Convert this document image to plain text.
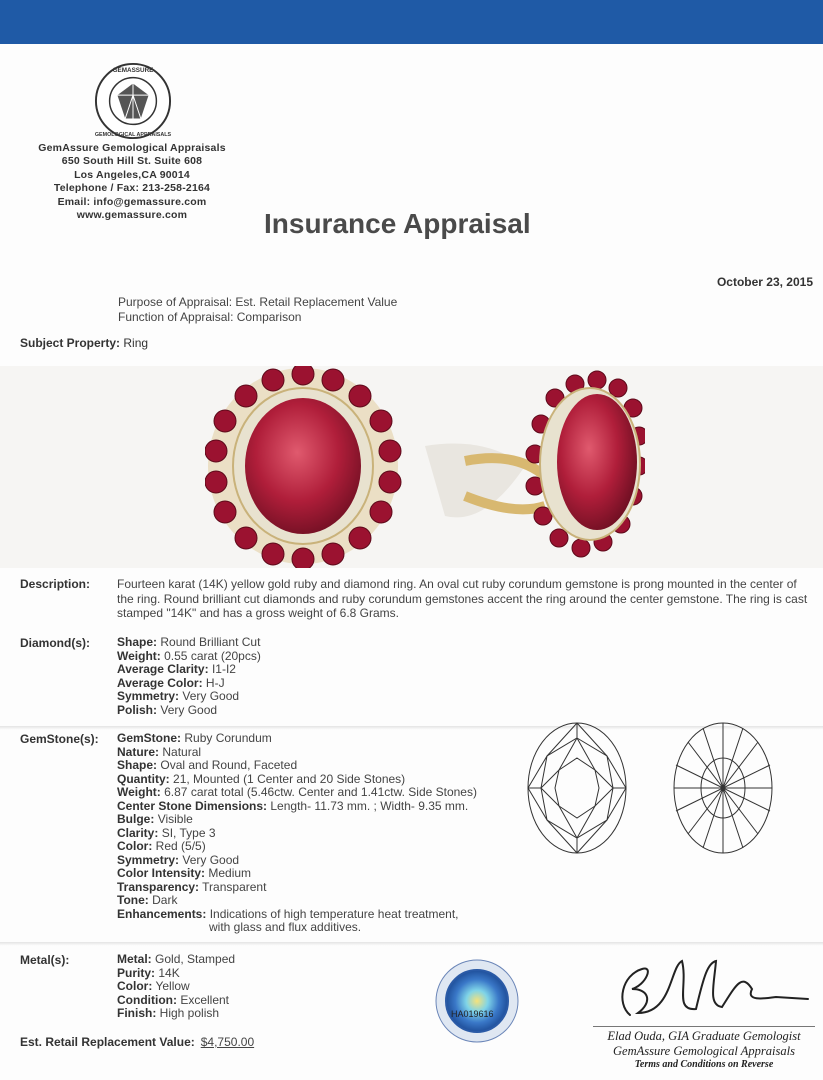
GEMASSURE
GEMOLOGICAL APPRAISALS
GemAssure Gemological Appraisals
650 South Hill St. Suite 608
Los Angeles,CA 90014
Telephone / Fax: 213-258-2164
Email: info@gemassure.com
www.gemassure.com	Insurance Appraisal
October 23, 2015
Purpose of Appraisal: Est. Retail Replacement Value
Function of Appraisal: Comparison
Subject Property: Ring
Description: Fourteen karat (14K) yellow gold ruby and diamond ring. An oval cut ruby corundum gemstone is prong mounted in the center of the ring. Round brilliant cut diamonds and ruby corundum gemstones accent the ring around the center gemstone. The ring is cast stamped "14K" and has a gross weight of 6.8 Grams.
Diamond(s): Shape: Round Brilliant Cut
Weight: 0.55 carat (20pcs)
Average Clarity: I1-I2
Average Color: H-J
Symmetry: Very Good
Polish: Very Good
GemStone(s): GemStone: Ruby Corundum
Nature: Natural
Shape: Oval and Round, Faceted
Quantity: 21, Mounted (1 Center and 20 Side Stones)
Weight: 6.87 carat total (5.46ctw. Center and 1.41ctw. Side Stones)
Center Stone Dimensions: Length- 11.73 mm. ; Width- 9.35 mm.
Bulge: Visible
Clarity: SI, Type 3
Color: Red (5/5)
Symmetry: Very Good
Color Intensity: Medium
Transparency: Transparent
Tone: Dark
Enhancements: Indications of high temperature heat treatment,
with glass and flux additives.
Metal(s):	Metal: Gold, Stamped
Purity: 14K
Color: Yellow
Condition: Excellent
Finish: High polish	HA019616
Elad Ouda, GIA Graduate Gemologist
GemAssure Gemological Appraisals
Terms and Conditions on Reverse
Est. Retail Replacement Value: $4,750.00
